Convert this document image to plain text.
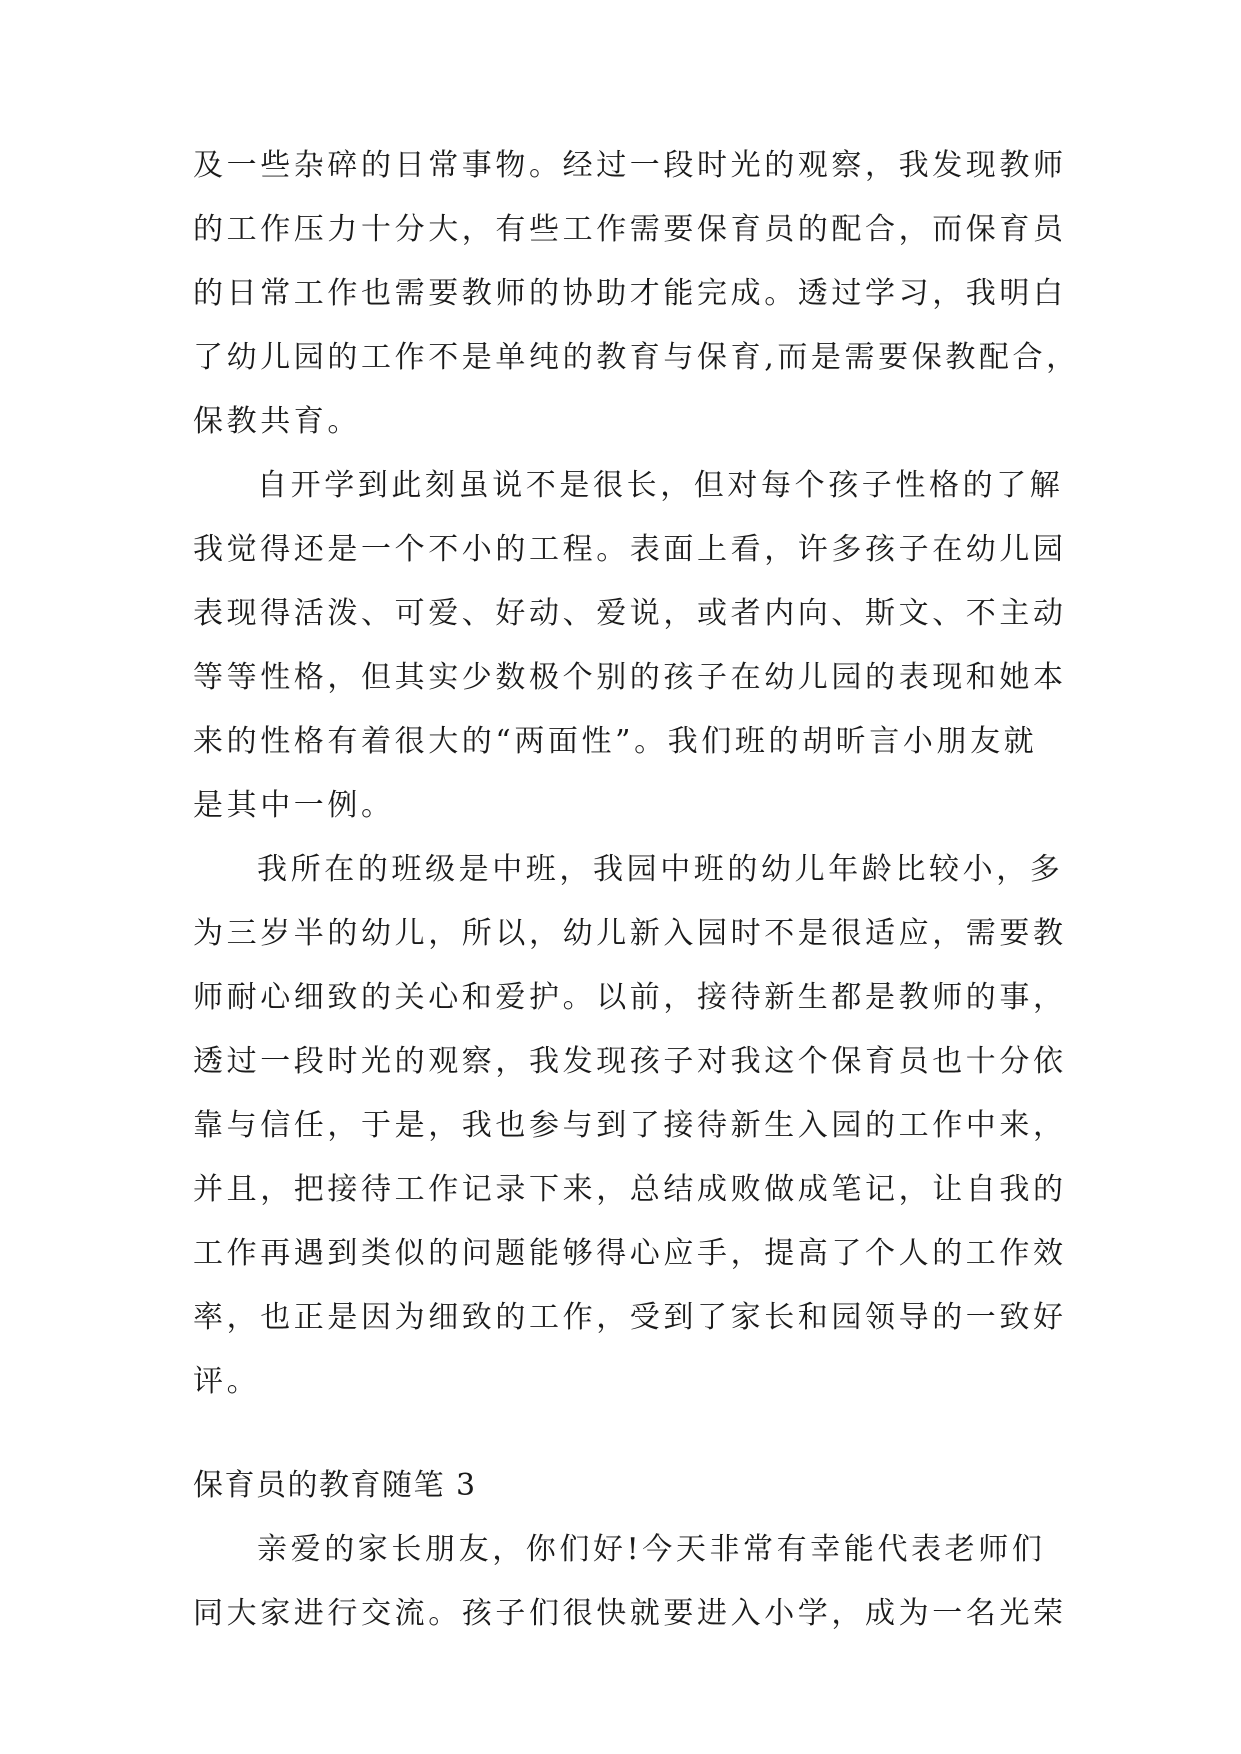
及一些杂碎的日常事物。经过一段时光的观察，我发现教师
的工作压力十分大，有些工作需要保育员的配合，而保育员
的日常工作也需要教师的协助才能完成。透过学习，我明白
了幼儿园的工作不是单纯的教育与保育,而是需要保教配合，
保教共育。
自开学到此刻虽说不是很长，但对每个孩子性格的了解
我觉得还是一个不小的工程。表面上看，许多孩子在幼儿园
表现得活泼、可爱、好动、爱说，或者内向、斯文、不主动
等等性格，但其实少数极个别的孩子在幼儿园的表现和她本
来的性格有着很大的“两面性”。我们班的胡昕言小朋友就
是其中一例。
我所在的班级是中班，我园中班的幼儿年龄比较小，多
为三岁半的幼儿，所以，幼儿新入园时不是很适应，需要教
师耐心细致的关心和爱护。以前，接待新生都是教师的事，
透过一段时光的观察，我发现孩子对我这个保育员也十分依
靠与信任，于是，我也参与到了接待新生入园的工作中来，
并且，把接待工作记录下来，总结成败做成笔记，让自我的
工作再遇到类似的问题能够得心应手，提高了个人的工作效
率，也正是因为细致的工作，受到了家长和园领导的一致好
评。
保育员的教育随笔 3
亲爱的家长朋友，你们好!今天非常有幸能代表老师们
同大家进行交流。孩子们很快就要进入小学，成为一名光荣
